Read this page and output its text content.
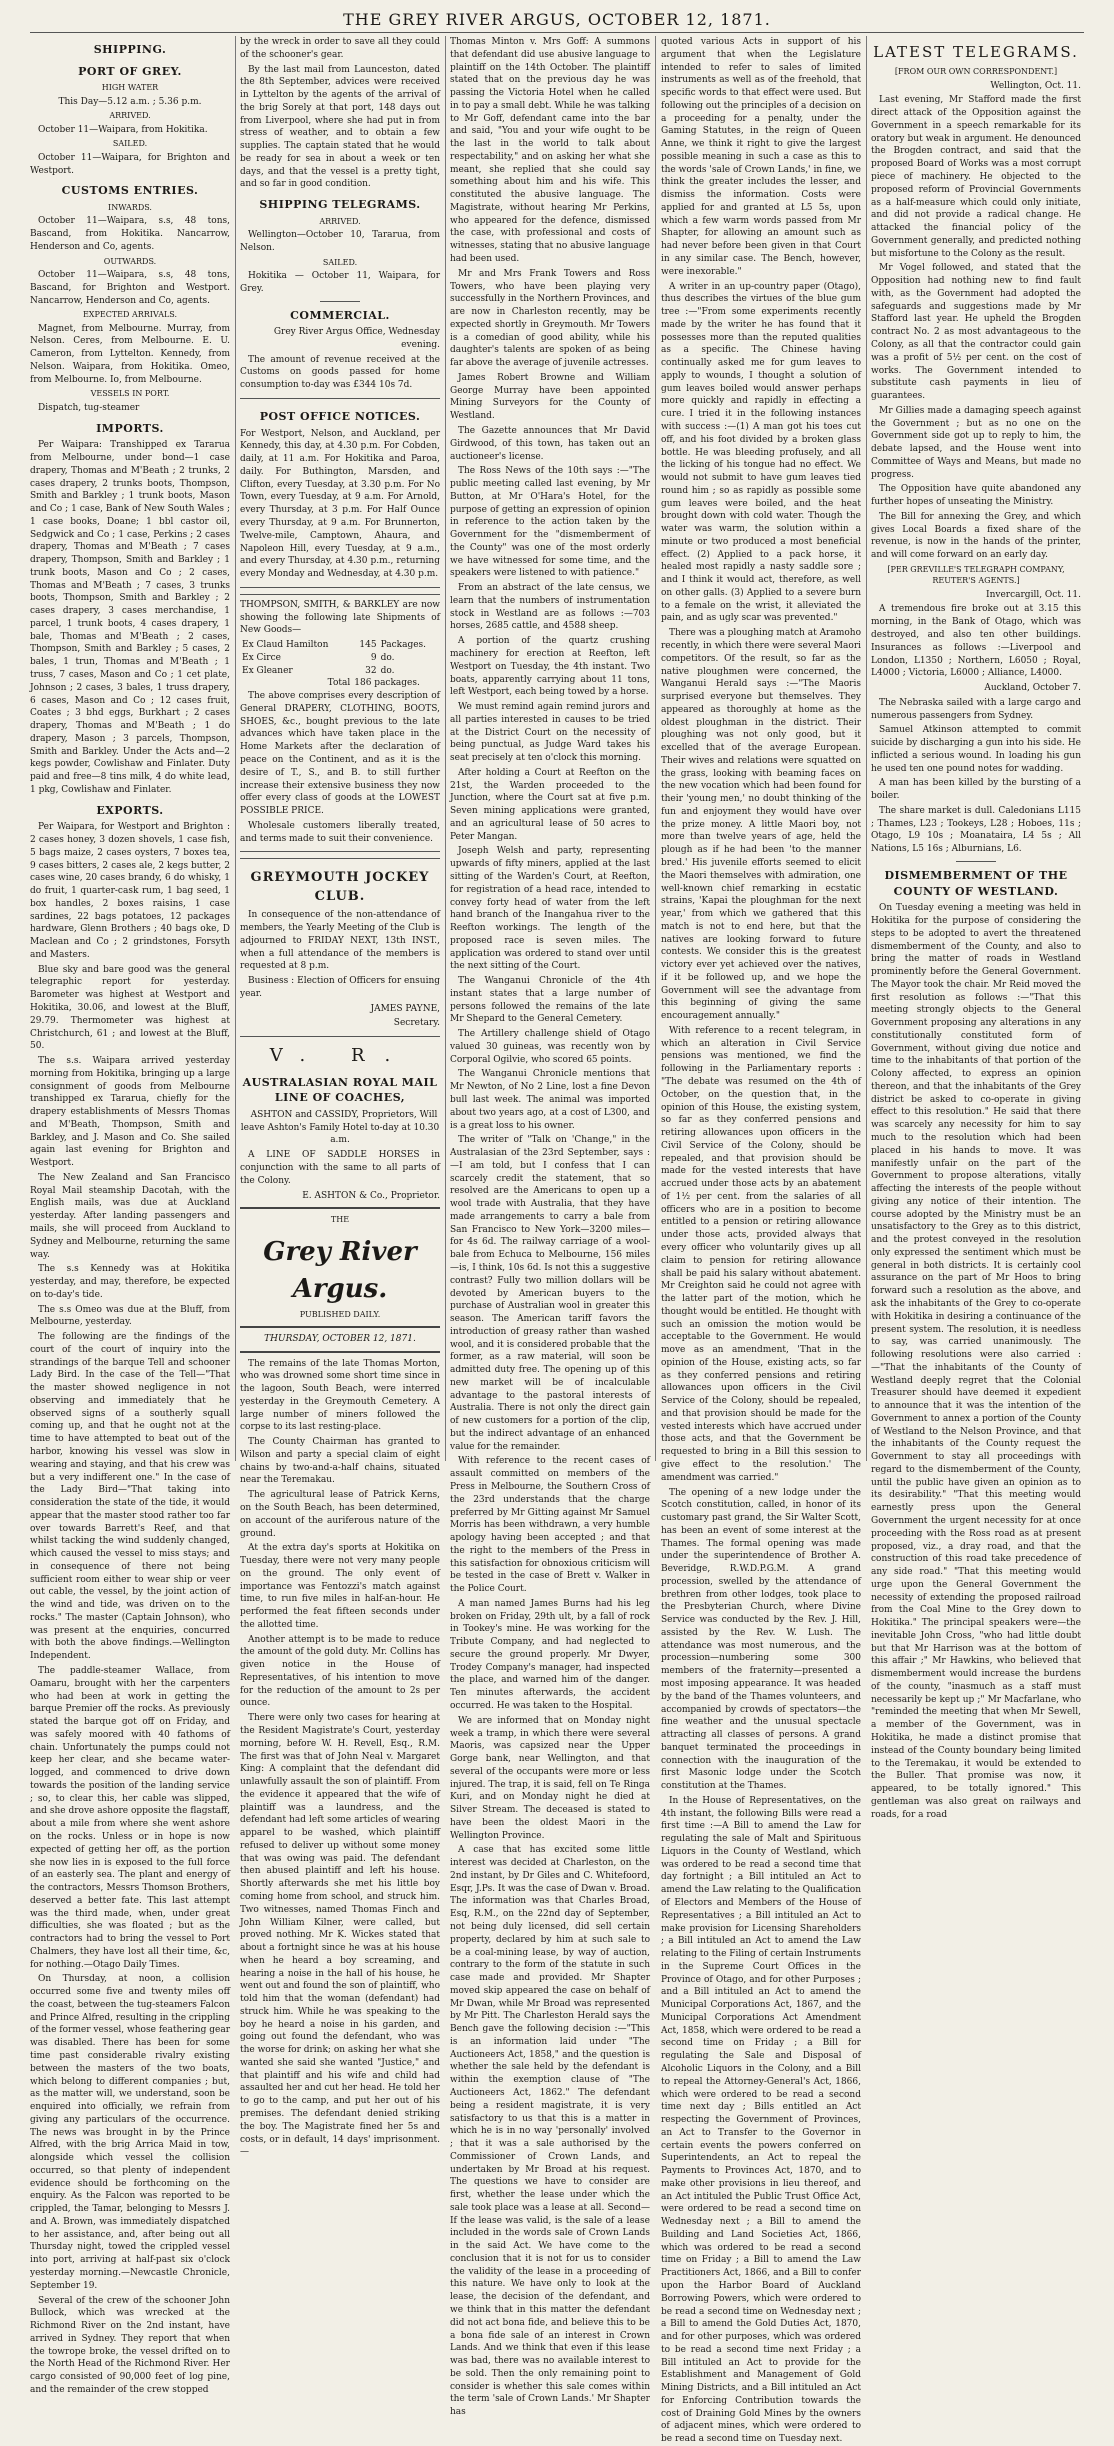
THE GREY RIVER ARGUS, OCTOBER 12, 1871.
SHIPPING.
PORT OF GREY.
HIGH WATER

This Day—5.12 a.m. ; 5.36 p.m.

ARRIVED.

October 11—Waipara, from Hokitika.

SAILED.

October 11—Waipara, for Brighton and Westport.

CUSTOMS ENTRIES.
INWARDS.

October 11—Waipara, s.s, 48 tons, Bascand, from Hokitika. Nancarrow, Henderson and Co, agents.

OUTWARDS.

October 11—Waipara, s.s, 48 tons, Bascand, for Brighton and Westport. Nancarrow, Henderson and Co, agents.

EXPECTED ARRIVALS.

Magnet, from Melbourne. Murray, from Nelson. Ceres, from Melbourne. E. U. Cameron, from Lyttelton. Kennedy, from Nelson. Waipara, from Hokitika. Omeo, from Melbourne. Io, from Melbourne.

VESSELS IN PORT.

Dispatch, tug-steamer

IMPORTS.

Per Waipara: Transhipped ex Tararua from Melbourne, under bond—1 case drapery, Thomas and M'Beath ; 2 trunks, 2 cases drapery, 2 trunks boots, Thompson, Smith and Barkley ; 1 trunk boots, Mason and Co ; 1 case, Bank of New South Wales ; 1 case books, Doane; 1 bbl castor oil, Sedgwick and Co ; 1 case, Perkins ; 2 cases drapery, Thomas and M'Beath ; 7 cases drapery, Thompson, Smith and Barkley ; 1 trunk boots, Mason and Co ; 2 cases, Thomas and M'Beath ; 7 cases, 3 trunks boots, Thompson, Smith and Barkley ; 2 cases drapery, 3 cases merchandise, 1 parcel, 1 trunk boots, 4 cases drapery, 1 bale, Thomas and M'Beath ; 2 cases, Thompson, Smith and Barkley ; 5 cases, 2 bales, 1 trun, Thomas and M'Beath ; 1 truss, 7 cases, Mason and Co ; 1 cet plate, Johnson ; 2 cases, 3 bales, 1 truss drapery, 6 cases, Mason and Co ; 12 cases fruit, Coates ; 3 bhd eggs, Burkhart ; 2 cases drapery, Thomas and M'Beath ; 1 do drapery, Mason ; 3 parcels, Thompson, Smith and Barkley. Under the Acts and—2 kegs powder, Cowlishaw and Finlater. Duty paid and free—8 tins milk, 4 do white lead, 1 pkg, Cowlishaw and Finlater.

EXPORTS.

Per Waipara, for Westport and Brighton : 2 cases honey, 3 dozen shovels, 1 case fish, 5 bags maize, 2 cases oysters, 7 boxes tea, 9 cases bitters, 2 cases ale, 2 kegs butter, 2 cases wine, 20 cases brandy, 6 do whisky, 1 do fruit, 1 quarter-cask rum, 1 bag seed, 1 box handles, 2 boxes raisins, 1 case sardines, 22 bags potatoes, 12 packages hardware, Glenn Brothers ; 40 bags oke, D Maclean and Co ; 2 grindstones, Forsyth and Masters.

Blue sky and bare good was the general telegraphic report for yesterday. Barometer was highest at Westport and Hokitika, 30.06, and lowest at the Bluff, 29.79. Thermometer was highest at Christchurch, 61 ; and lowest at the Bluff, 50.

The s.s. Waipara arrived yesterday morning from Hokitika, bringing up a large consignment of goods from Melbourne transhipped ex Tararua, chiefly for the drapery establishments of Messrs Thomas and M'Beath, Thompson, Smith and Barkley, and J. Mason and Co. She sailed again last evening for Brighton and Westport.

The New Zealand and San Francisco Royal Mail steamship Dacotah, with the English mails, was due at Auckland yesterday. After landing passengers and mails, she will proceed from Auckland to Sydney and Melbourne, returning the same way.

The s.s Kennedy was at Hokitika yesterday, and may, therefore, be expected on to-day's tide.

The s.s Omeo was due at the Bluff, from Melbourne, yesterday.

The following are the findings of the court of the court of inquiry into the strandings of the barque Tell and schooner Lady Bird. In the case of the Tell—"That the master showed negligence in not observing and immediately that he observed signs of a southerly squall coming up, and that he ought not at the time to have attempted to beat out of the harbor, knowing his vessel was slow in wearing and staying, and that his crew was but a very indifferent one." In the case of the Lady Bird—"That taking into consideration the state of the tide, it would appear that the master stood rather too far over towards Barrett's Reef, and that whilst tacking the wind suddenly changed, which caused the vessel to miss stays; and in consequence of there not being sufficient room either to wear ship or veer out cable, the vessel, by the joint action of the wind and tide, was driven on to the rocks." The master (Captain Johnson), who was present at the enquiries, concurred with both the above findings.—Wellington Independent.

The paddle-steamer Wallace, from Oamaru, brought with her the carpenters who had been at work in getting the barque Premier off the rocks. As previously stated the barque got off on Friday, and was safely moored with 40 fathoms of chain. Unfortunately the pumps could not keep her clear, and she became water-logged, and commenced to drive down towards the position of the landing service ; so, to clear this, her cable was slipped, and she drove ashore opposite the flagstaff, about a mile from where she went ashore on the rocks. Unless or in hope is now expected of getting her off, as the portion she now lies in is exposed to the full force of an easterly sea. The plant and energy of the contractors, Messrs Thomson Brothers, deserved a better fate. This last attempt was the third made, when, under great difficulties, she was floated ; but as the contractors had to bring the vessel to Port Chalmers, they have lost all their time, &c, for nothing.—Otago Daily Times.

On Thursday, at noon, a collision occurred some five and twenty miles off the coast, between the tug-steamers Falcon and Prince Alfred, resulting in the crippling of the former vessel, whose feathering gear was disabled. There has been for some time past considerable rivalry existing between the masters of the two boats, which belong to different companies ; but, as the matter will, we understand, soon be enquired into officially, we refrain from giving any particulars of the occurrence. The news was brought in by the Prince Alfred, with the brig Arrica Maid in tow, alongside which vessel the collision occurred, so that plenty of independent evidence should be forthcoming on the enquiry. As the Falcon was reported to be crippled, the Tamar, belonging to Messrs J. and A. Brown, was immediately dispatched to her assistance, and, after being out all Thursday night, towed the crippled vessel into port, arriving at half-past six o'clock yesterday morning.—Newcastle Chronicle, September 19.

Several of the crew of the schooner John Bullock, which was wrecked at the Richmond River on the 2nd instant, have arrived in Sydney. They report that when the towrope broke, the vessel drifted on to the North Head of the Richmond River. Her cargo consisted of 90,000 feet of log pine, and the remainder of the crew stopped

by the wreck in order to save all they could of the schooner's gear.

By the last mail from Launceston, dated the 8th September, advices were received in Lyttelton by the agents of the arrival of the brig Sorely at that port, 148 days out from Liverpool, where she had put in from stress of weather, and to obtain a few supplies. The captain stated that he would be ready for sea in about a week or ten days, and that the vessel is a pretty tight, and so far in good condition.

SHIPPING TELEGRAMS.
ARRIVED.

Wellington—October 10, Tararua, from Nelson.

SAILED.

Hokitika — October 11, Waipara, for Grey.

COMMERCIAL.

Grey River Argus Office, Wednesday evening.

The amount of revenue received at the Customs on goods passed for home consumption to-day was £344 10s 7d.

POST OFFICE NOTICES.

For Westport, Nelson, and Auckland, per Kennedy, this day, at 4.30 p.m. For Cobden, daily, at 11 a.m. For Hokitika and Paroa, daily. For Buthington, Marsden, and Clifton, every Tuesday, at 3.30 p.m. For No Town, every Tuesday, at 9 a.m. For Arnold, every Thursday, at 3 p.m. For Half Ounce every Thursday, at 9 a.m. For Brunnerton, Twelve-mile, Camptown, Ahaura, and Napoleon Hill, every Tuesday, at 9 a.m., and every Thursday, at 4.30 p.m., returning every Monday and Wednesday, at 4.30 p.m.

THOMPSON, SMITH, & BARKLEY are now showing the following late Shipments of New Goods—

Ex Claud Hamilton	145	Packages.
Ex Circe	9	do.
Ex Gleaner	32	do.
Total	186 packages.	

The above comprises every description of General DRAPERY, CLOTHING, BOOTS, SHOES, &c., bought previous to the late advances which have taken place in the Home Markets after the declaration of peace on the Continent, and as it is the desire of T., S., and B. to still further increase their extensive business they now offer every class of goods at the LOWEST POSSIBLE PRICE.

Wholesale customers liberally treated, and terms made to suit their convenience.

GREYMOUTH JOCKEY CLUB.

In consequence of the non-attendance of members, the Yearly Meeting of the Club is adjourned to FRIDAY NEXT, 13th INST., when a full attendance of the members is requested at 8 p.m.

Business : Election of Officers for ensuing year.

JAMES PAYNE,

Secretary.

V. R.
AUSTRALASIAN ROYAL MAIL LINE OF COACHES,

ASHTON and CASSIDY, Proprietors, Will leave Ashton's Family Hotel to-day at 10.30 a.m.

A LINE OF SADDLE HORSES in conjunction with the same to all parts of the Colony.

E. ASHTON & Co., Proprietor.

THE
Grey River Argus.
PUBLISHED DAILY.
THURSDAY, OCTOBER 12, 1871.

The remains of the late Thomas Morton, who was drowned some short time since in the lagoon, South Beach, were interred yesterday in the Greymouth Cemetery. A large number of miners followed the corpse to its last resting-place.

The County Chairman has granted to Wilson and party a special claim of eight chains by two-and-a-half chains, situated near the Teremakau.

The agricultural lease of Patrick Kerns, on the South Beach, has been determined, on account of the auriferous nature of the ground.

At the extra day's sports at Hokitika on Tuesday, there were not very many people on the ground. The only event of importance was Fentozzi's match against time, to run five miles in half-an-hour. He performed the feat fifteen seconds under the allotted time.

Another attempt is to be made to reduce the amount of the gold duty. Mr. Collins has given notice in the House of Representatives, of his intention to move for the reduction of the amount to 2s per ounce.

There were only two cases for hearing at the Resident Magistrate's Court, yesterday morning, before W. H. Revell, Esq., R.M. The first was that of John Neal v. Margaret King: A complaint that the defendant did unlawfully assault the son of plaintiff. From the evidence it appeared that the wife of plaintiff was a laundress, and the defendant had left some articles of wearing apparel to be washed, which plaintiff refused to deliver up without some money that was owing was paid. The defendant then abused plaintiff and left his house. Shortly afterwards she met his little boy coming home from school, and struck him. Two witnesses, named Thomas Finch and John William Kilner, were called, but proved nothing. Mr K. Wickes stated that about a fortnight since he was at his house when he heard a boy screaming, and hearing a noise in the hall of his house, he went out and found the son of plaintiff, who told him that the woman (defendant) had struck him. While he was speaking to the boy he heard a noise in his garden, and going out found the defendant, who was the worse for drink; on asking her what she wanted she said she wanted "Justice," and that plaintiff and his wife and child had assaulted her and cut her head. He told her to go to the camp, and put her out of his premises. The defendant denied striking the boy. The Magistrate fined her 5s and costs, or in default, 14 days' imprisonment.—

Thomas Minton v. Mrs Goff: A summons that defendant did use abusive language to plaintiff on the 14th October. The plaintiff stated that on the previous day he was passing the Victoria Hotel when he called in to pay a small debt. While he was talking to Mr Goff, defendant came into the bar and said, "You and your wife ought to be the last in the world to talk about respectability," and on asking her what she meant, she replied that she could say something about him and his wife. This constituted the abusive language. The Magistrate, without hearing Mr Perkins, who appeared for the defence, dismissed the case, with professional and costs of witnesses, stating that no abusive language had been used.

Mr and Mrs Frank Towers and Ross Towers, who have been playing very successfully in the Northern Provinces, and are now in Charleston recently, may be expected shortly in Greymouth. Mr Towers is a comedian of good ability, while his daughter's talents are spoken of as being far above the average of juvenile actresses.

James Robert Browne and William George Murray have been appointed Mining Surveyors for the County of Westland.

The Gazette announces that Mr David Girdwood, of this town, has taken out an auctioneer's license.

The Ross News of the 10th says :—"The public meeting called last evening, by Mr Button, at Mr O'Hara's Hotel, for the purpose of getting an expression of opinion in reference to the action taken by the Government for the "dismemberment of the County" was one of the most orderly we have witnessed for some time, and the speakers were listened to with patience."

From an abstract of the late census, we learn that the numbers of instrumentation stock in Westland are as follows :—703 horses, 2685 cattle, and 4588 sheep.

A portion of the quartz crushing machinery for erection at Reefton, left Westport on Tuesday, the 4th instant. Two boats, apparently carrying about 11 tons, left Westport, each being towed by a horse.

We must remind again remind jurors and all parties interested in causes to be tried at the District Court on the necessity of being punctual, as Judge Ward takes his seat precisely at ten o'clock this morning.

After holding a Court at Reefton on the 21st, the Warden proceeded to the Junction, where the Court sat at five p.m. Seven mining applications were granted, and an agricultural lease of 50 acres to Peter Mangan.

Joseph Welsh and party, representing upwards of fifty miners, applied at the last sitting of the Warden's Court, at Reefton, for registration of a head race, intended to convey forty head of water from the left hand branch of the Inangahua river to the Reefton workings. The length of the proposed race is seven miles. The application was ordered to stand over until the next sitting of the Court.

The Wanganui Chronicle of the 4th instant states that a large number of persons followed the remains of the late Mr Shepard to the General Cemetery.

The Artillery challenge shield of Otago valued 30 guineas, was recently won by Corporal Ogilvie, who scored 65 points.

The Wanganui Chronicle mentions that Mr Newton, of No 2 Line, lost a fine Devon bull last week. The animal was imported about two years ago, at a cost of L300, and is a great loss to his owner.

The writer of "Talk on 'Change," in the Australasian of the 23rd September, says :—I am told, but I confess that I can scarcely credit the statement, that so resolved are the Americans to open up a wool trade with Australia, that they have made arrangements to carry a bale from San Francisco to New York—3200 miles—for 4s 6d. The railway carriage of a wool-bale from Echuca to Melbourne, 156 miles—is, I think, 10s 6d. Is not this a suggestive contrast? Fully two million dollars will be devoted by American buyers to the purchase of Australian wool in greater this season. The American tariff favors the introduction of greasy rather than washed wool, and it is considered probable that the former, as a raw material, will soon be admitted duty free. The opening up of this new market will be of incalculable advantage to the pastoral interests of Australia. There is not only the direct gain of new customers for a portion of the clip, but the indirect advantage of an enhanced value for the remainder.

With reference to the recent cases of assault committed on members of the Press in Melbourne, the Southern Cross of the 23rd understands that the charge preferred by Mr Gitting against Mr Samuel Morris has been withdrawn, a very humble apology having been accepted ; and that the right to the members of the Press in this satisfaction for obnoxious criticism will be tested in the case of Brett v. Walker in the Police Court.

A man named James Burns had his leg broken on Friday, 29th ult, by a fall of rock in Tookey's mine. He was working for the Tribute Company, and had neglected to secure the ground properly. Mr Dwyer, Trodey Company's manager, had inspected the place, and warned him of the danger. Ten minutes afterwards, the accident occurred. He was taken to the Hospital.

We are informed that on Monday night week a tramp, in which there were several Maoris, was capsized near the Upper Gorge bank, near Wellington, and that several of the occupants were more or less injured. The trap, it is said, fell on Te Ringa Kuri, and on Monday night he died at Silver Stream. The deceased is stated to have been the oldest Maori in the Wellington Province.

A case that has excited some little interest was decided at Charleston, on the 2nd instant, by Dr Giles and C. Whitefoord, Esqr, J.Ps. It was the case of Dwan v. Broad. The information was that Charles Broad, Esq, R.M., on the 22nd day of September, not being duly licensed, did sell certain property, declared by him at such sale to be a coal-mining lease, by way of auction, contrary to the form of the statute in such case made and provided. Mr Shapter moved skip appeared the case on behalf of Mr Dwan, while Mr Broad was represented by Mr Pitt. The Charleston Herald says the Bench gave the following decision :—"This is an information laid under "The Auctioneers Act, 1858," and the question is whether the sale held by the defendant is within the exemption clause of "The Auctioneers Act, 1862." The defendant being a resident magistrate, it is very satisfactory to us that this is a matter in which he is in no way 'personally' involved ; that it was a sale authorised by the Commissioner of Crown Lands, and undertaken by Mr Broad at his request. The questions we have to consider are first, whether the lease under which the sale took place was a lease at all. Second—If the lease was valid, is the sale of a lease included in the words sale of Crown Lands in the said Act. We have come to the conclusion that it is not for us to consider the validity of the lease in a proceeding of this nature. We have only to look at the lease, the decision of the defendant, and we think that in this matter the defendant did not act bona fide, and believe this to be a bona fide sale of an interest in Crown Lands. And we think that even if this lease was bad, there was no available interest to be sold. Then the only remaining point to consider is whether this sale comes within the term 'sale of Crown Lands.' Mr Shapter has

quoted various Acts in support of his argument that when the Legislature intended to refer to sales of limited instruments as well as of the freehold, that specific words to that effect were used. But following out the principles of a decision on a proceeding for a penalty, under the Gaming Statutes, in the reign of Queen Anne, we think it right to give the largest possible meaning in such a case as this to the words 'sale of Crown Lands,' in fine, we think the greater includes the lesser, and dismiss the information. Costs were applied for and granted at L5 5s, upon which a few warm words passed from Mr Shapter, for allowing an amount such as had never before been given in that Court in any similar case. The Bench, however, were inexorable."

A writer in an up-country paper (Otago), thus describes the virtues of the blue gum tree :—"From some experiments recently made by the writer he has found that it possesses more than the reputed qualities as a specific. The Chinese having continually asked me for gum leaves to apply to wounds, I thought a solution of gum leaves boiled would answer perhaps more quickly and rapidly in effecting a cure. I tried it in the following instances with success :—(1) A man got his toes cut off, and his foot divided by a broken glass bottle. He was bleeding profusely, and all the licking of his tongue had no effect. We would not submit to have gum leaves tied round him ; so as rapidly as possible some gum leaves were boiled, and the heat brought down with cold water. Though the water was warm, the solution within a minute or two produced a most beneficial effect. (2) Applied to a pack horse, it healed most rapidly a nasty saddle sore ; and I think it would act, therefore, as well on other galls. (3) Applied to a severe burn to a female on the wrist, it alleviated the pain, and as ugly scar was prevented."

There was a ploughing match at Aramoho recently, in which there were several Maori competitors. Of the result, so far as the native ploughmen were concerned, the Wanganui Herald says :—"The Maoris surprised everyone but themselves. They appeared as thoroughly at home as the oldest ploughman in the district. Their ploughing was not only good, but it excelled that of the average European. Their wives and relations were squatted on the grass, looking with beaming faces on the new vocation which had been found for their 'young men,' no doubt thinking of the fun and enjoyment they would have over the prize money. A little Maori boy, not more than twelve years of age, held the plough as if he had been 'to the manner bred.' His juvenile efforts seemed to elicit the Maori themselves with admiration, one well-known chief remarking in ecstatic strains, 'Kapai the ploughman for the next year,' from which we gathered that this match is not to end here, but that the natives are looking forward to future contests. We consider this is the greatest victory ever yet achieved over the natives, if it be followed up, and we hope the Government will see the advantage from this beginning of giving the same encouragement annually."

With reference to a recent telegram, in which an alteration in Civil Service pensions was mentioned, we find the following in the Parliamentary reports : "The debate was resumed on the 4th of October, on the question that, in the opinion of this House, the existing system, so far as they conferred pensions and retiring allowances upon officers in the Civil Service of the Colony, should be repealed, and that provision should be made for the vested interests that have accrued under those acts by an abatement of 1½ per cent. from the salaries of all officers who are in a position to become entitled to a pension or retiring allowance under those acts, provided always that every officer who voluntarily gives up all claim to pension for retiring allowance shall be paid his salary without abatement. Mr Creighton said he could not agree with the latter part of the motion, which he thought would be entitled. He thought with such an omission the motion would be acceptable to the Government. He would move as an amendment, 'That in the opinion of the House, existing acts, so far as they conferred pensions and retiring allowances upon officers in the Civil Service of the Colony, should be repealed, and that provision should be made for the vested interests which have accrued under those acts, and that the Government be requested to bring in a Bill this session to give effect to the resolution.' The amendment was carried."

The opening of a new lodge under the Scotch constitution, called, in honor of its customary past grand, the Sir Walter Scott, has been an event of some interest at the Thames. The formal opening was made under the superintendence of Brother A. Beveridge, R.W.D.P.G.M. A grand procession, swelled by the attendance of brethren from other lodges, took place to the Presbyterian Church, where Divine Service was conducted by the Rev. J. Hill, assisted by the Rev. W. Lush. The attendance was most numerous, and the procession—numbering some 300 members of the fraternity—presented a most imposing appearance. It was headed by the band of the Thames volunteers, and accompanied by crowds of spectators—the fine weather and the unusual spectacle attracting all classes of persons. A grand banquet terminated the proceedings in connection with the inauguration of the first Masonic lodge under the Scotch constitution at the Thames.

In the House of Representatives, on the 4th instant, the following Bills were read a first time :—A Bill to amend the Law for regulating the sale of Malt and Spirituous Liquors in the County of Westland, which was ordered to be read a second time that day fortnight ; a Bill intituled an Act to amend the Law relating to the Qualification of Electors and Members of the House of Representatives ; a Bill intituled an Act to make provision for Licensing Shareholders ; a Bill intituled an Act to amend the Law relating to the Filing of certain Instruments in the Supreme Court Offices in the Province of Otago, and for other Purposes ; and a Bill intituled an Act to amend the Municipal Corporations Act, 1867, and the Municipal Corporations Act Amendment Act, 1858, which were ordered to be read a second time on Friday ; a Bill for regulating the Sale and Disposal of Alcoholic Liquors in the Colony, and a Bill to repeal the Attorney-General's Act, 1866, which were ordered to be read a second time next day ; Bills entitled an Act respecting the Government of Provinces, an Act to Transfer to the Governor in certain events the powers conferred on Superintendents, an Act to repeal the Payments to Provinces Act, 1870, and to make other provisions in lieu thereof, and an Act intituled the Public Trust Office Act, were ordered to be read a second time on Wednesday next ; a Bill to amend the Building and Land Societies Act, 1866, which was ordered to be read a second time on Friday ; a Bill to amend the Law Practitioners Act, 1866, and a Bill to confer upon the Harbor Board of Auckland Borrowing Powers, which were ordered to be read a second time on Wednesday next ; a Bill to amend the Gold Duties Act, 1870, and for other purposes, which was ordered to be read a second time next Friday ; a Bill intituled an Act to provide for the Establishment and Management of Gold Mining Districts, and a Bill intituled an Act for Enforcing Contribution towards the cost of Draining Gold Mines by the owners of adjacent mines, which were ordered to be read a second time on Tuesday next.

LATEST TELEGRAMS.
[FROM OUR OWN CORRESPONDENT.]

Wellington, Oct. 11.

Last evening, Mr Stafford made the first direct attack of the Opposition against the Government in a speech remarkable for its oratory but weak in argument. He denounced the Brogden contract, and said that the proposed Board of Works was a most corrupt piece of machinery. He objected to the proposed reform of Provincial Governments as a half-measure which could only initiate, and did not provide a radical change. He attacked the financial policy of the Government generally, and predicted nothing but misfortune to the Colony as the result.

Mr Vogel followed, and stated that the Opposition had nothing new to find fault with, as the Government had adopted the safeguards and suggestions made by Mr Stafford last year. He upheld the Brogden contract No. 2 as most advantageous to the Colony, as all that the contractor could gain was a profit of 5½ per cent. on the cost of works. The Government intended to substitute cash payments in lieu of guarantees.

Mr Gillies made a damaging speech against the Government ; but as no one on the Government side got up to reply to him, the debate lapsed, and the House went into Committee of Ways and Means, but made no progress.

The Opposition have quite abandoned any further hopes of unseating the Ministry.

The Bill for annexing the Grey, and which gives Local Boards a fixed share of the revenue, is now in the hands of the printer, and will come forward on an early day.

[PER GREVILLE'S TELEGRAPH COMPANY, REUTER'S AGENTS.]

Invercargill, Oct. 11.

A tremendous fire broke out at 3.15 this morning, in the Bank of Otago, which was destroyed, and also ten other buildings. Insurances as follows :—Liverpool and London, L1350 ; Northern, L6050 ; Royal, L4000 ; Victoria, L6000 ; Alliance, L4000.

Auckland, October 7.

The Nebraska sailed with a large cargo and numerous passengers from Sydney.

Samuel Atkinson attempted to commit suicide by discharging a gun into his side. He inflicted a serious wound. In loading his gun he used ten one pound notes for wadding.

A man has been killed by the bursting of a boiler.

The share market is dull. Caledonians L115 ; Thames, L23 ; Tookeys, L28 ; Hoboes, 11s ; Otago, L9 10s ; Moanataira, L4 5s ; All Nations, L5 16s ; Alburnians, L6.

DISMEMBERMENT OF THE COUNTY OF WESTLAND.

On Tuesday evening a meeting was held in Hokitika for the purpose of considering the steps to be adopted to avert the threatened dismemberment of the County, and also to bring the matter of roads in Westland prominently before the General Government. The Mayor took the chair. Mr Reid moved the first resolution as follows :—"That this meeting strongly objects to the General Government proposing any alterations in any constitutionally constituted form of Government, without giving due notice and time to the inhabitants of that portion of the Colony affected, to express an opinion thereon, and that the inhabitants of the Grey district be asked to co-operate in giving effect to this resolution." He said that there was scarcely any necessity for him to say much to the resolution which had been placed in his hands to move. It was manifestly unfair on the part of the Government to propose alterations, vitally affecting the interests of the people without giving any notice of their intention. The course adopted by the Ministry must be an unsatisfactory to the Grey as to this district, and the protest conveyed in the resolution only expressed the sentiment which must be general in both districts. It is certainly cool assurance on the part of Mr Hoos to bring forward such a resolution as the above, and ask the inhabitants of the Grey to co-operate with Hokitika in desiring a continuance of the present system. The resolution, it is needless to say, was carried unanimously. The following resolutions were also carried :—"That the inhabitants of the County of Westland deeply regret that the Colonial Treasurer should have deemed it expedient to announce that it was the intention of the Government to annex a portion of the County of Westland to the Nelson Province, and that the inhabitants of the County request the Government to stay all proceedings with regard to the dismemberment of the County, until the public have given an opinion as to its desirability." "That this meeting would earnestly press upon the General Government the urgent necessity for at once proceeding with the Ross road as at present proposed, viz., a dray road, and that the construction of this road take precedence of any side road." "That this meeting would urge upon the General Government the necessity of extending the proposed railroad from the Coal Mine to the Grey down to Hokitika." The principal speakers were—the inevitable John Cross, "who had little doubt but that Mr Harrison was at the bottom of this affair ;" Mr Hawkins, who believed that dismemberment would increase the burdens of the county, "inasmuch as a staff must necessarily be kept up ;" Mr Macfarlane, who "reminded the meeting that when Mr Sewell, a member of the Government, was in Hokitika, he made a distinct promise that instead of the County boundary being limited to the Teremakau, it would be extended to the Buller. That promise was now, it appeared, to be totally ignored." This gentleman was also great on railways and roads, for a road
